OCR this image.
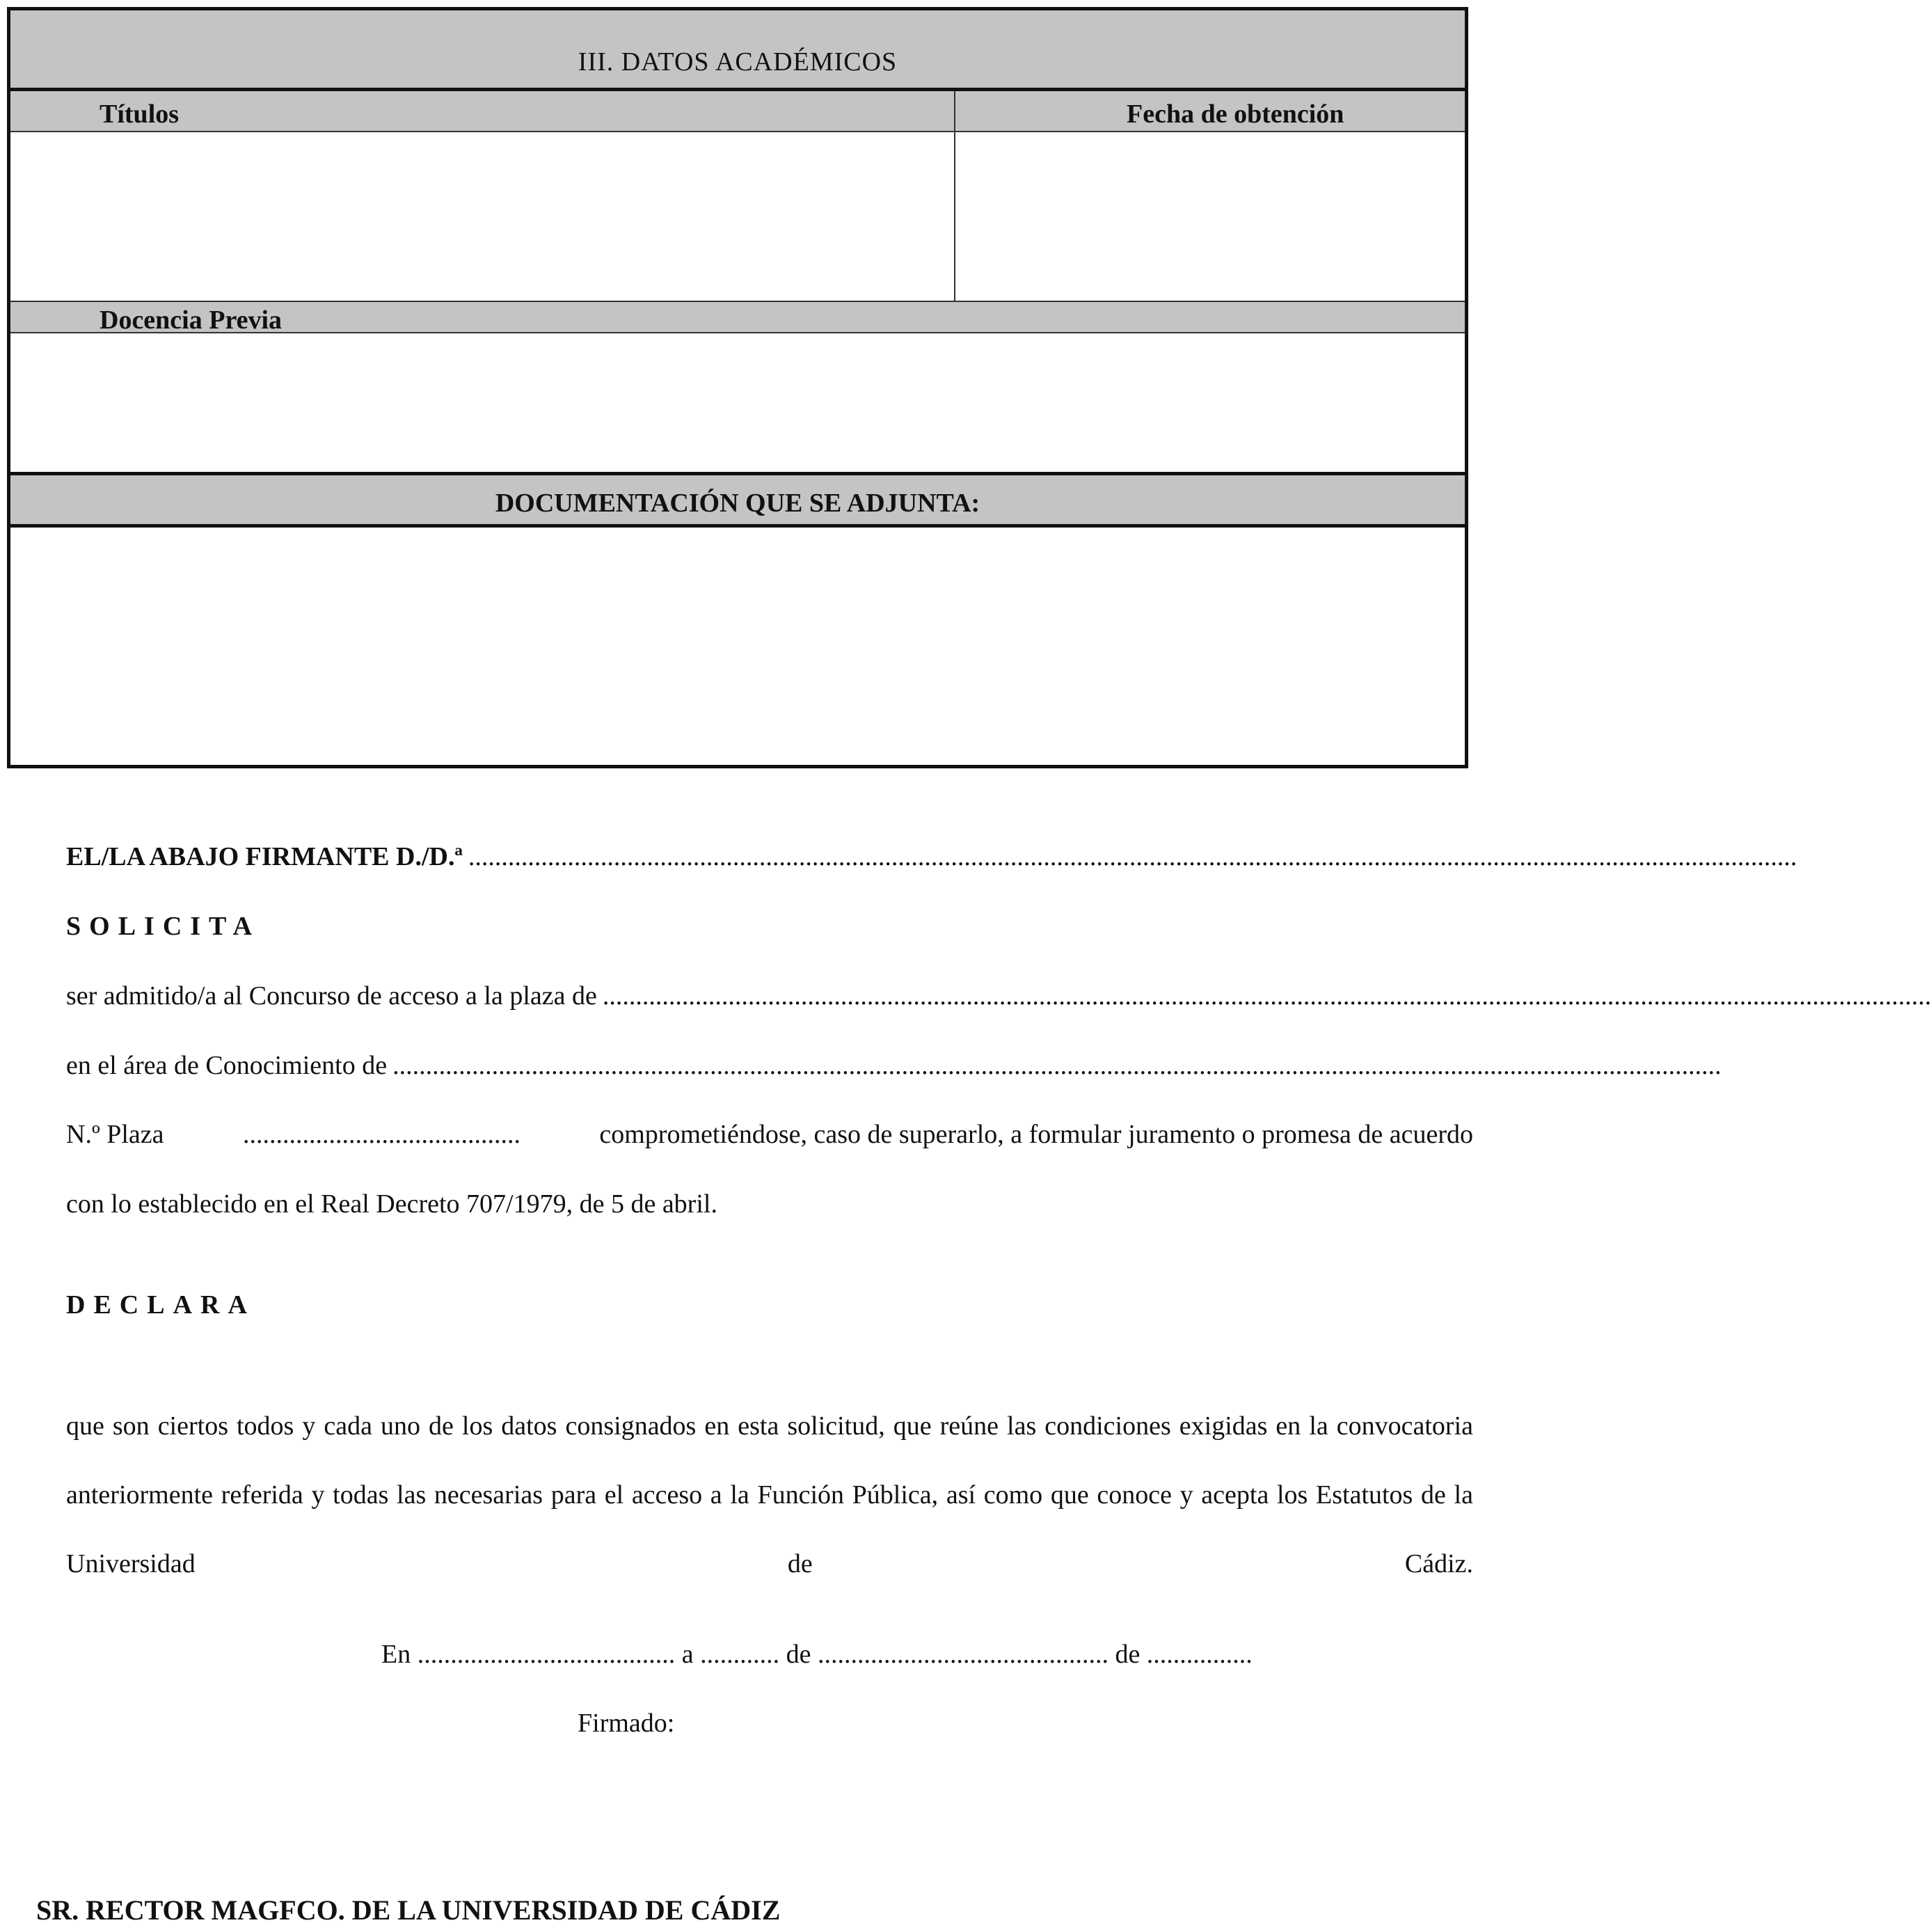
III. DATOS ACADÉMICOS
Títulos	Fecha de obtención
Docencia Previa
DOCUMENTACIÓN QUE SE ADJUNTA:
EL/LA ABAJO FIRMANTE D./D.ª .........................................................................................................................................................................................................
SOLICITA
ser admitido/a al Concurso de acceso a la plaza de .........................................................................................................................................................................................................
en el área de Conocimiento de .........................................................................................................................................................................................................
N.º Plaza	..........................................	comprometiéndose, caso de superarlo, a formular juramento o promesa de acuerdo
con lo establecido en el Real Decreto 707/1979, de 5 de abril.
DECLARA
que son ciertos todos y cada uno de los datos consignados en esta solicitud, que reúne las condiciones exigidas en la convocatoria anteriormente referida y todas las necesarias para el acceso a la Función Pública, así como que conoce y acepta los Estatutos de la Universidad de Cádiz.
En ....................................... a ............ de ............................................ de ................
Firmado:
SR. RECTOR MAGFCO. DE LA UNIVERSIDAD DE CÁDIZ
